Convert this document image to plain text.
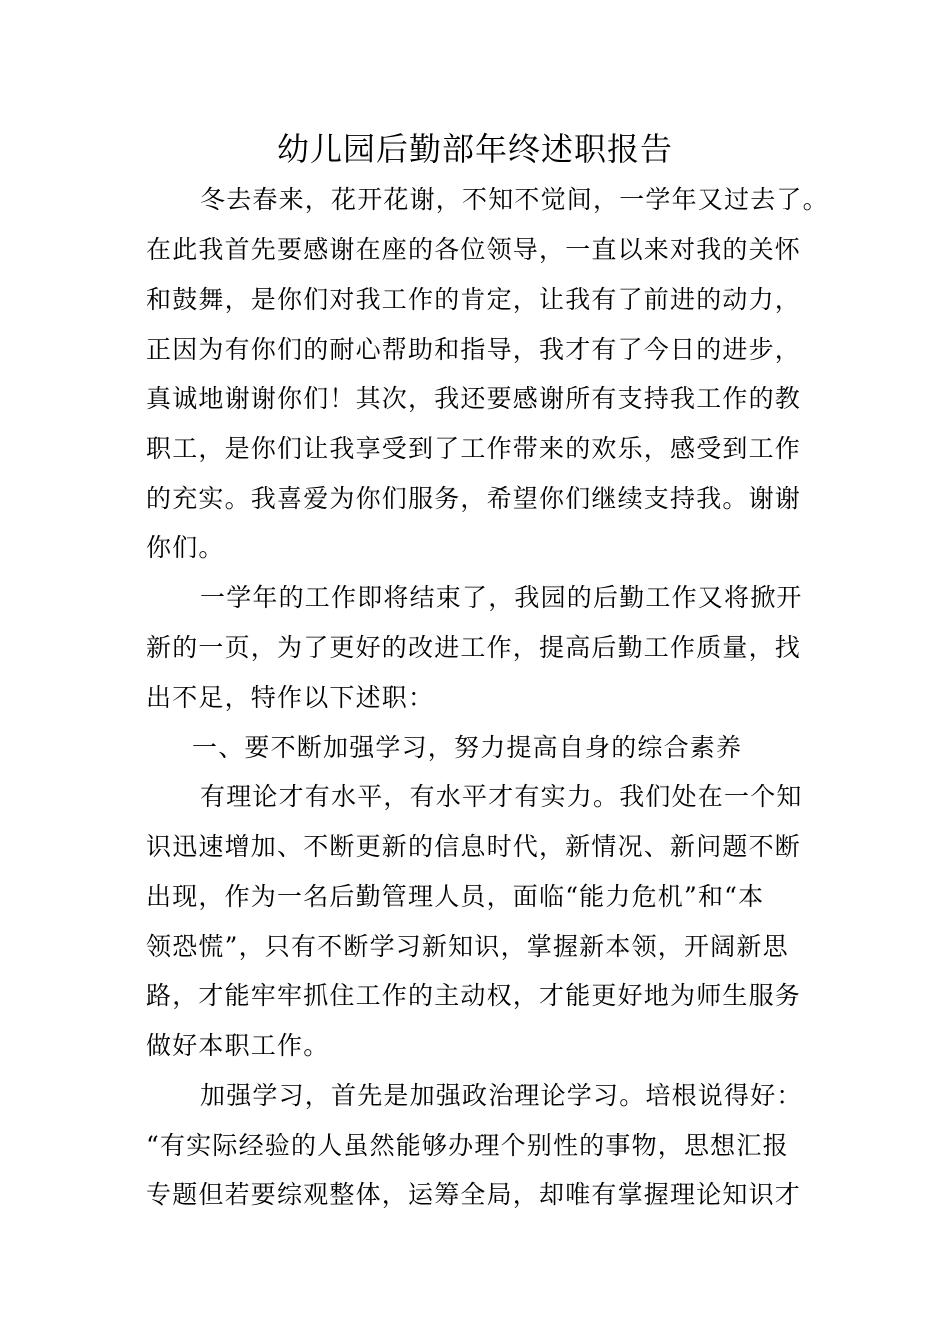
幼儿园后勤部年终述职报告
冬去春来，花开花谢，不知不觉间，一学年又过去了。
在此我首先要感谢在座的各位领导，一直以来对我的关怀
和鼓舞，是你们对我工作的肯定，让我有了前进的动力，
正因为有你们的耐心帮助和指导，我才有了今日的进步，
真诚地谢谢你们！其次，我还要感谢所有支持我工作的教
职工，是你们让我享受到了工作带来的欢乐，感受到工作
的充实。我喜爱为你们服务，希望你们继续支持我。谢谢
你们。
一学年的工作即将结束了，我园的后勤工作又将掀开
新的一页，为了更好的改进工作，提高后勤工作质量，找
出不足，特作以下述职：
一、要不断加强学习，努力提高自身的综合素养
有理论才有水平，有水平才有实力。我们处在一个知
识迅速增加、不断更新的信息时代，新情况、新问题不断
出现，作为一名后勤管理人员，面临“能力危机”和“本
领恐慌”，只有不断学习新知识，掌握新本领，开阔新思
路，才能牢牢抓住工作的主动权，才能更好地为师生服务
做好本职工作。
加强学习，首先是加强政治理论学习。培根说得好：
“有实际经验的人虽然能够办理个别性的事物，思想汇报
专题但若要综观整体，运筹全局，却唯有掌握理论知识才
